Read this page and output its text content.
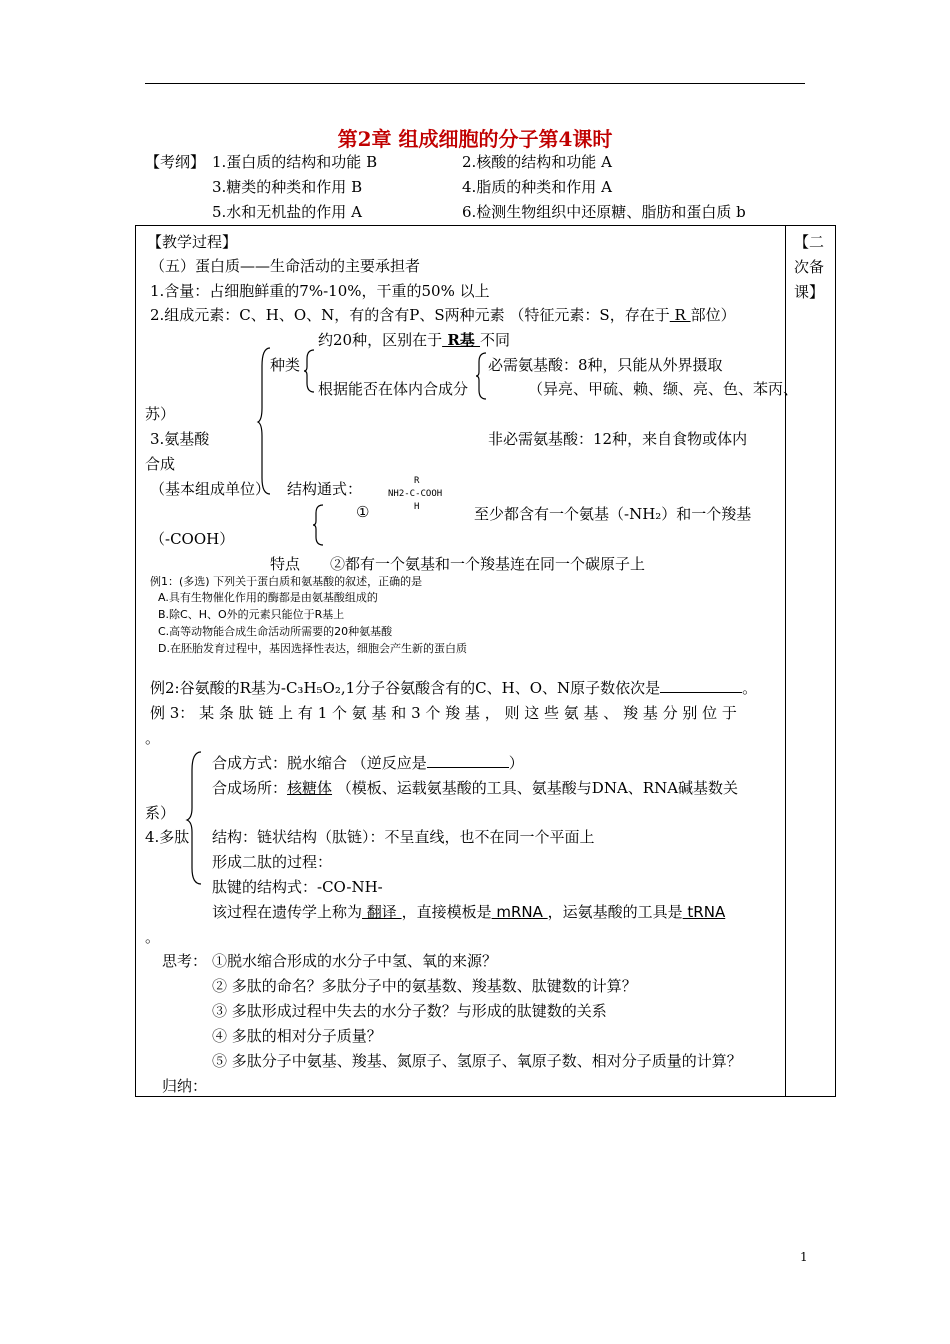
第2章 组成细胞的分子第4课时
【考纲】 1.蛋白质的结构和功能 B	2.核酸的结构和功能 A
3.糖类的种类和作用 B	4.脂质的种类和作用 A
5.水和无机盐的作用 A	6.检测生物组织中还原糖、脂肪和蛋白质 b
【二
次备
课】
【教学过程】
（五）蛋白质——生命活动的主要承担者
1.含量：占细胞鲜重的7%-10%，干重的50% 以上
2.组成元素：C、H、O、N，有的含有P、S两种元素 （特征元素：S，存在于 R 部位）
约20种，区别在于 R基 不同
种类	必需氨基酸：8种，只能从外界摄取
根据能否在体内合成分	（异亮、甲硫、赖、缬、亮、色、苯丙、
苏）
3.氨基酸	非必需氨基酸：12种，来自食物或体内
合成
（基本组成单位） 结构通式：	R
NH2-C-COOH
H
①	至少都含有一个氨基（-NH₂）和一个羧基
（-COOH）
特点 ②都有一个氨基和一个羧基连在同一个碳原子上
例1：(多选) 下列关于蛋白质和氨基酸的叙述，正确的是
A.具有生物催化作用的酶都是由氨基酸组成的
B.除C、H、O外的元素只能位于R基上
C.高等动物能合成生命活动所需要的20种氨基酸
D.在胚胎发育过程中，基因选择性表达，细胞会产生新的蛋白质
例2:谷氨酸的R基为-C₃H₅O₂,1分子谷氨酸含有的C、H、O、N原子数依次是	。
例 3： 某 条 肽 链 上 有 1 个 氨 基 和 3 个 羧 基 ， 则 这 些 氨 基 、 羧 基 分 别 位 于
。
合成方式：脱水缩合 （逆反应是	）
合成场所：核糖体 （模板、运载氨基酸的工具、氨基酸与DNA、RNA碱基数关
系）
4.多肽 结构：链状结构（肽链）：不呈直线，也不在同一个平面上
形成二肽的过程：
肽键的结构式：-CO-NH-
该过程在遗传学上称为 翻译 ，直接模板是 mRNA ，运氨基酸的工具是 tRNA
。
思考： ①脱水缩合形成的水分子中氢、氧的来源？
② 多肽的命名？多肽分子中的氨基数、羧基数、肽键数的计算？
③ 多肽形成过程中失去的水分子数？与形成的肽键数的关系
④ 多肽的相对分子质量？
⑤ 多肽分子中氨基、羧基、氮原子、氢原子、氧原子数、相对分子质量的计算？
归纳：
1
